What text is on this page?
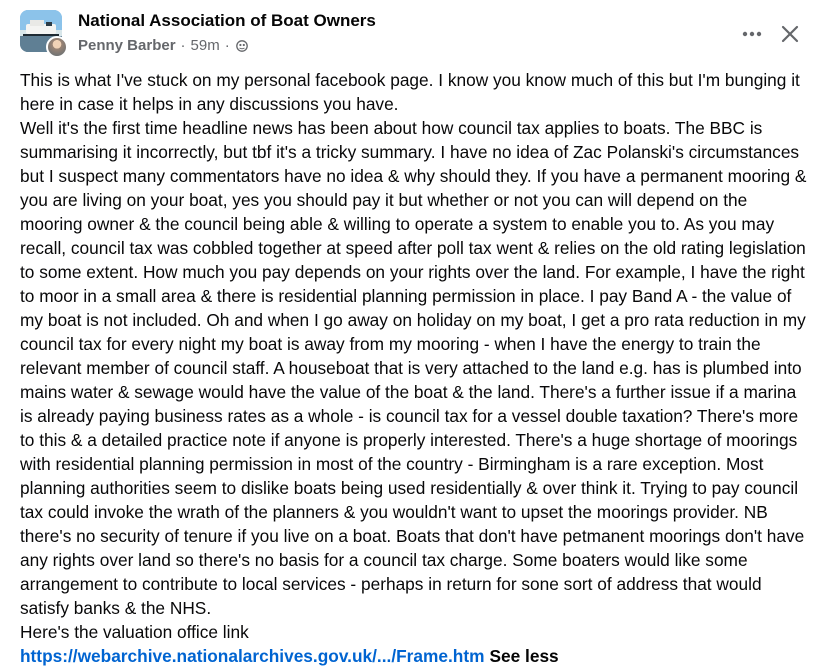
National Association of Boat Owners
Penny Barber · 59m ·

This is what I've stuck on my personal facebook page. I know you know much of this but I'm bunging it here in case it helps in any discussions you have.

Well it's the first time headline news has been about how council tax applies to boats. The BBC is summarising it incorrectly, but tbf it's a tricky summary. I have no idea of Zac Polanski's circumstances but I suspect many commentators have no idea & why should they. If you have a permanent mooring & you are living on your boat, yes you should pay it but whether or not you can will depend on the mooring owner & the council being able & willing to operate a system to enable you to. As you may recall, council tax was cobbled together at speed after poll tax went & relies on the old rating legislation to some extent. How much you pay depends on your rights over the land. For example, I have the right to moor in a small area & there is residential planning permission in place. I pay Band A - the value of my boat is not included. Oh and when I go away on holiday on my boat, I get a pro rata reduction in my council tax for every night my boat is away from my mooring - when I have the energy to train the relevant member of council staff. A houseboat that is very attached to the land e.g. has is plumbed into mains water & sewage would have the value of the boat & the land. There's a further issue if a marina is already paying business rates as a whole - is council tax for a vessel double taxation? There's more to this & a detailed practice note if anyone is properly interested. There's a huge shortage of moorings with residential planning permission in most of the country - Birmingham is a rare exception. Most planning authorities seem to dislike boats being used residentially & over think it. Trying to pay council tax could invoke the wrath of the planners & you wouldn't want to upset the moorings provider. NB there's no security of tenure if you live on a boat. Boats that don't have petmanent moorings don't have any rights over land so there's no basis for a council tax charge. Some boaters would like some arrangement to contribute to local services - perhaps in return for sone sort of address that would satisfy banks & the NHS.

Here's the valuation office link

https://webarchive.nationalarchives.gov.uk/.../Frame.htm See less
